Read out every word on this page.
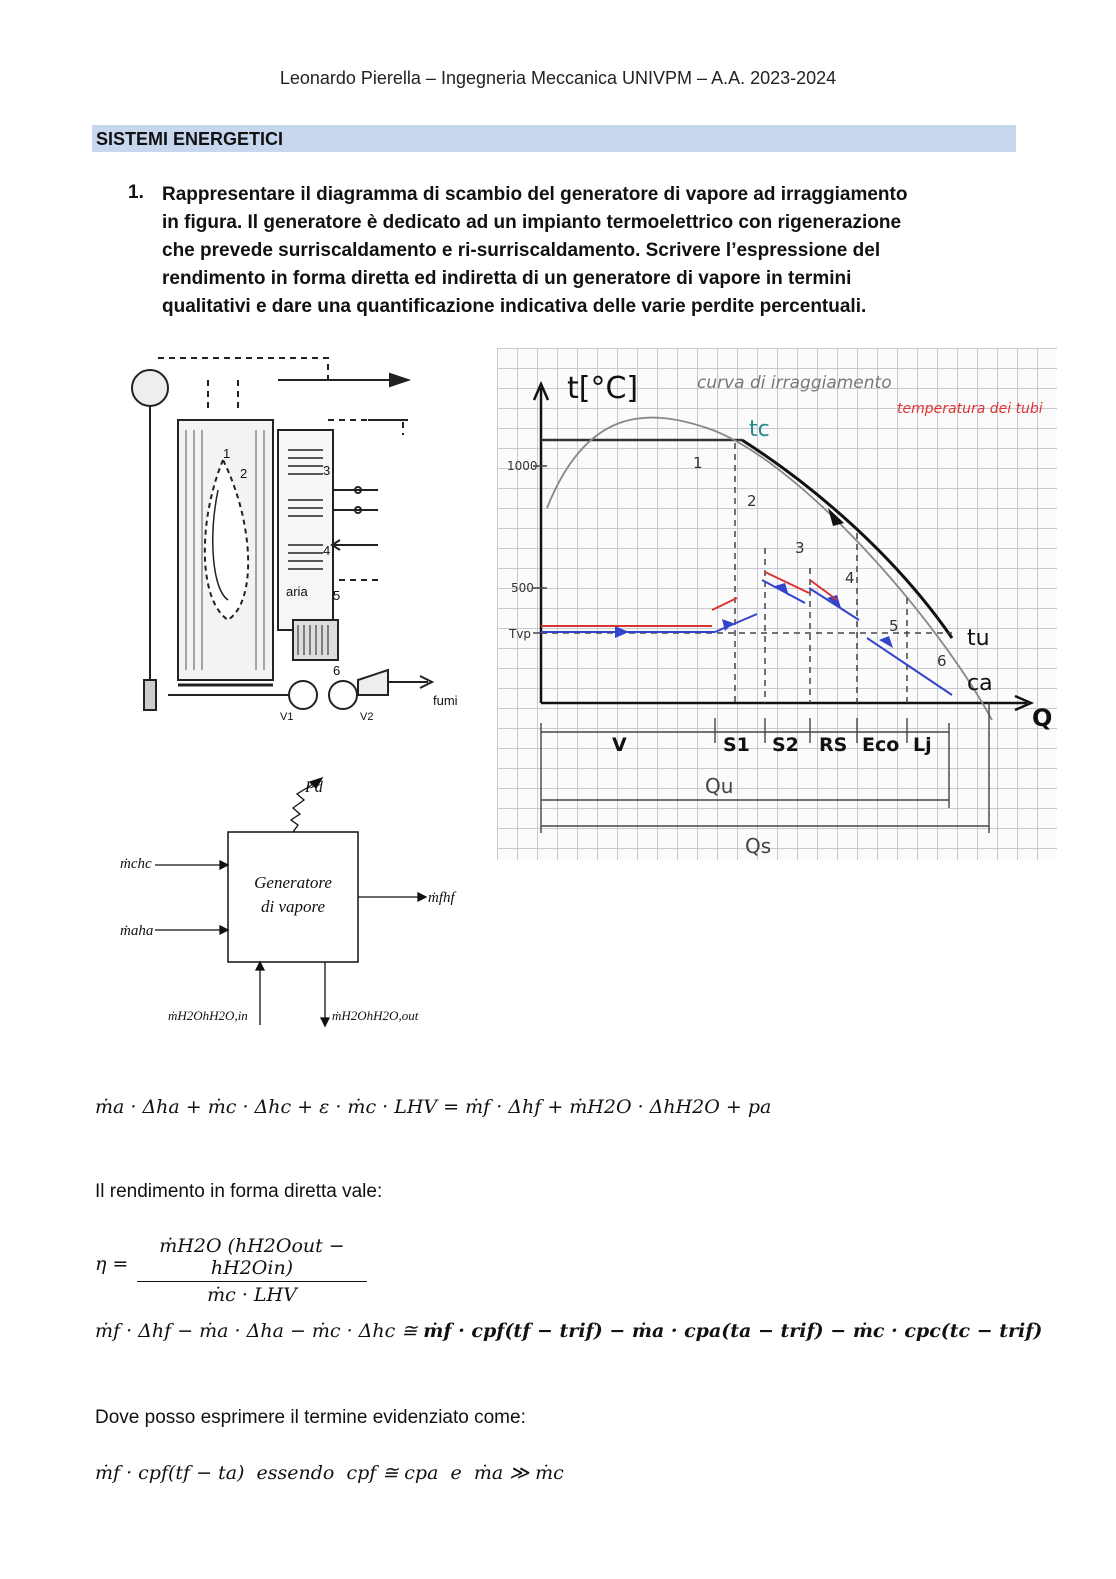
Leonardo Pierella – Ingegneria Meccanica UNIVPM – A.A. 2023-2024
SISTEMI ENERGETICI
1. Rappresentare il diagramma di scambio del generatore di vapore ad irraggiamento
in figura. Il generatore è dedicato ad un impianto termoelettrico con rigenerazione
che prevede surriscaldamento e ri-surriscaldamento. Scrivere l’espressione del
rendimento in forma diretta ed indiretta di un generatore di vapore in termini
qualitativi e dare una quantificazione indicativa delle varie perdite percentuali.
1
2	3
4
5
6
aria
fumi
V1	V2
1000
500
Tvp
t[°C]
Q
curva di irraggiamento
temperatura dei tubi
tc
tu
ca
1
2
3
4
5
6
V	S1 S2 RS Eco Lj
Qu
Qs
Generatore
di vapore
Pd
ṁchc
ṁaha
ṁfhf
ṁH2OhH2O,in	ṁH2OhH2O,out
ṁa · Δha + ṁc · Δhc + ε · ṁc · LHV = ṁf · Δhf + ṁH2O · ΔhH2O + pa
Il rendimento in forma diretta vale:
η =
ṁH2O (hH2Oout − hH2Oin)
ṁc · LHV
ṁf · Δhf − ṁa · Δha − ṁc · Δhc ≅ ṁf · cpf(tf − trif) − ṁa · cpa(ta − trif) − ṁc · cpc(tc − trif)
Dove posso esprimere il termine evidenziato come:
ṁf · cpf(tf − ta)  essendo  cpf ≅ cpa  e  ṁa ≫ ṁc
